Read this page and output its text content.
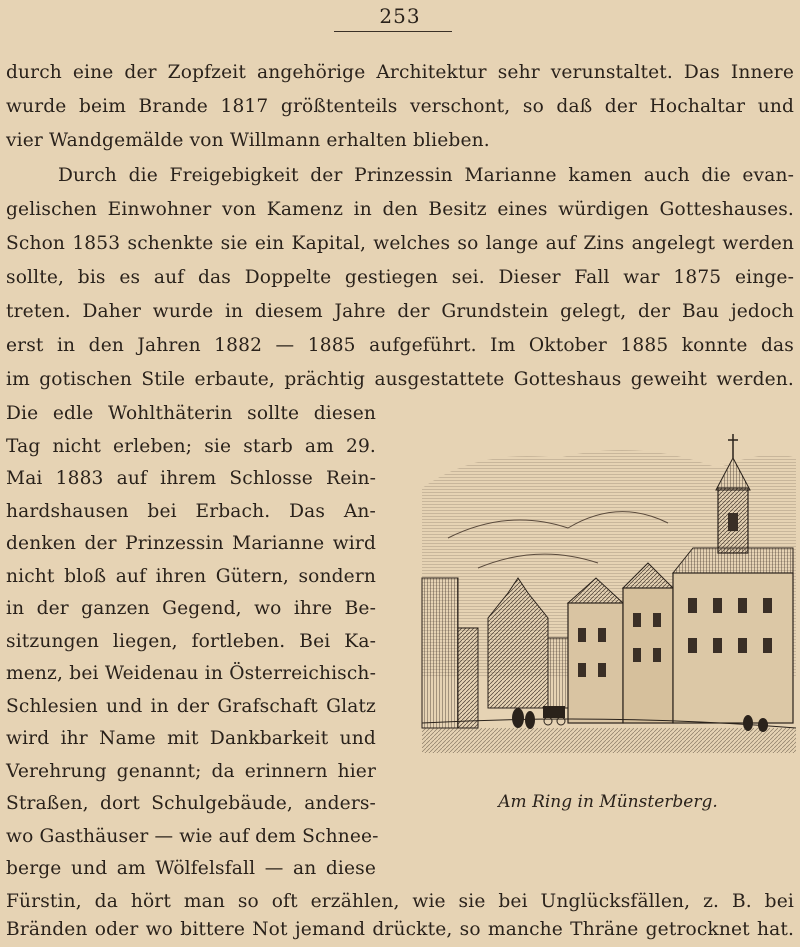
253
durch eine der Zopfzeit angehörige Architektur sehr verunstaltet. Das Innere
wurde beim Brande 1817 größtenteils verschont, so daß der Hochaltar und
vier Wandgemälde von Willmann erhalten blieben.
Durch die Freigebigkeit der Prinzessin Marianne kamen auch die evan-
gelischen Einwohner von Kamenz in den Besitz eines würdigen Gotteshauses.
Schon 1853 schenkte sie ein Kapital, welches so lange auf Zins angelegt werden
sollte, bis es auf das Doppelte gestiegen sei. Dieser Fall war 1875 einge-
treten. Daher wurde in diesem Jahre der Grundstein gelegt, der Bau jedoch
erst in den Jahren 1882 — 1885 aufgeführt. Im Oktober 1885 konnte das
im gotischen Stile erbaute, prächtig ausgestattete Gotteshaus geweiht werden.
Die edle Wohlthäterin sollte diesen
Tag nicht erleben; sie starb am 29.
Mai 1883 auf ihrem Schlosse Rein-
hardshausen bei Erbach. Das An-
denken der Prinzessin Marianne wird
nicht bloß auf ihren Gütern, sondern
in der ganzen Gegend, wo ihre Be-
sitzungen liegen, fortleben. Bei Ka-
menz, bei Weidenau in Österreichisch-
Schlesien und in der Grafschaft Glatz
wird ihr Name mit Dankbarkeit und
Verehrung genannt; da erinnern hier
Straßen, dort Schulgebäude, anders-
wo Gasthäuser — wie auf dem Schnee-
berge und am Wölfelsfall — an diese
Am Ring in Münsterberg.
Fürstin, da hört man so oft erzählen, wie sie bei Unglücksfällen, z. B. bei
Bränden oder wo bittere Not jemand drückte, so manche Thräne getrocknet hat.
